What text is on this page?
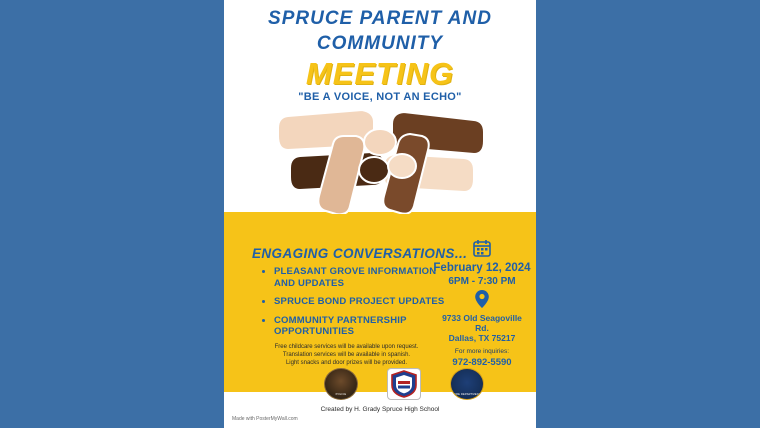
SPRUCE PARENT AND
COMMUNITY
MEETING
"BE A VOICE, NOT AN ECHO"
ENGAGING CONVERSATIONS...
• PLEASANT GROVE INFORMATION AND UPDATES
• SPRUCE BOND PROJECT UPDATES
• COMMUNITY PARTNERSHIP OPPORTUNITIES
Free childcare services will be available upon request.
Translation services will be available in spanish.
Light snacks and door prizes will be provided.
February 12, 2024
6PM - 7:30 PM
9733 Old Seagoville
Rd.
Dallas, TX 75217
For more inquiries:
972-892-5590
POLICE	FIRE DEPARTMENT
Created by H. Grady Spruce High School
Made with PosterMyWall.com
